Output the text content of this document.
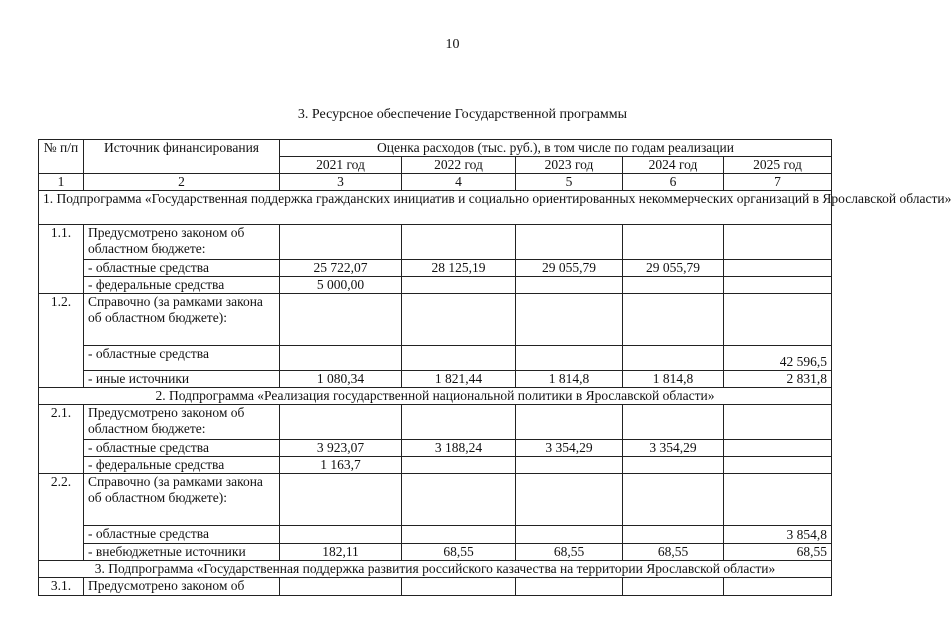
10
3. Ресурсное обеспечение Государственной программы
№ п/п	Источник финансирования	Оценка расходов (тыс. руб.), в том числе по годам реализации				
		2021 год	2022 год	2023 год	2024 год	2025 год
1	2	3	4	5	6	7
1. Подпрограмма «Государственная поддержка гражданских инициатив и социально ориентированных некоммерческих организаций в Ярославской области»						
1.1.	Предусмотрено законом об областном бюджете:					
	- областные средства	25 722,07	28 125,19	29 055,79	29 055,79	
	- федеральные средства	5 000,00				
1.2.	Справочно (за рамками закона об областном бюджете):					
	- областные средства					42 596,5
	- иные источники	1 080,34	1 821,44	1 814,8	1 814,8	2 831,8
2. Подпрограмма «Реализация государственной национальной политики в Ярославской области»						
2.1.	Предусмотрено законом об областном бюджете:					
	- областные средства	3 923,07	3 188,24	3 354,29	3 354,29	
	- федеральные средства	1 163,7				
2.2.	Справочно (за рамками закона об областном бюджете):					
	- областные средства					3 854,8
	- внебюджетные источники	182,11	68,55	68,55	68,55	68,55
3. Подпрограмма «Государственная поддержка развития российского казачества на территории Ярославской области»						
3.1.	Предусмотрено законом об					
